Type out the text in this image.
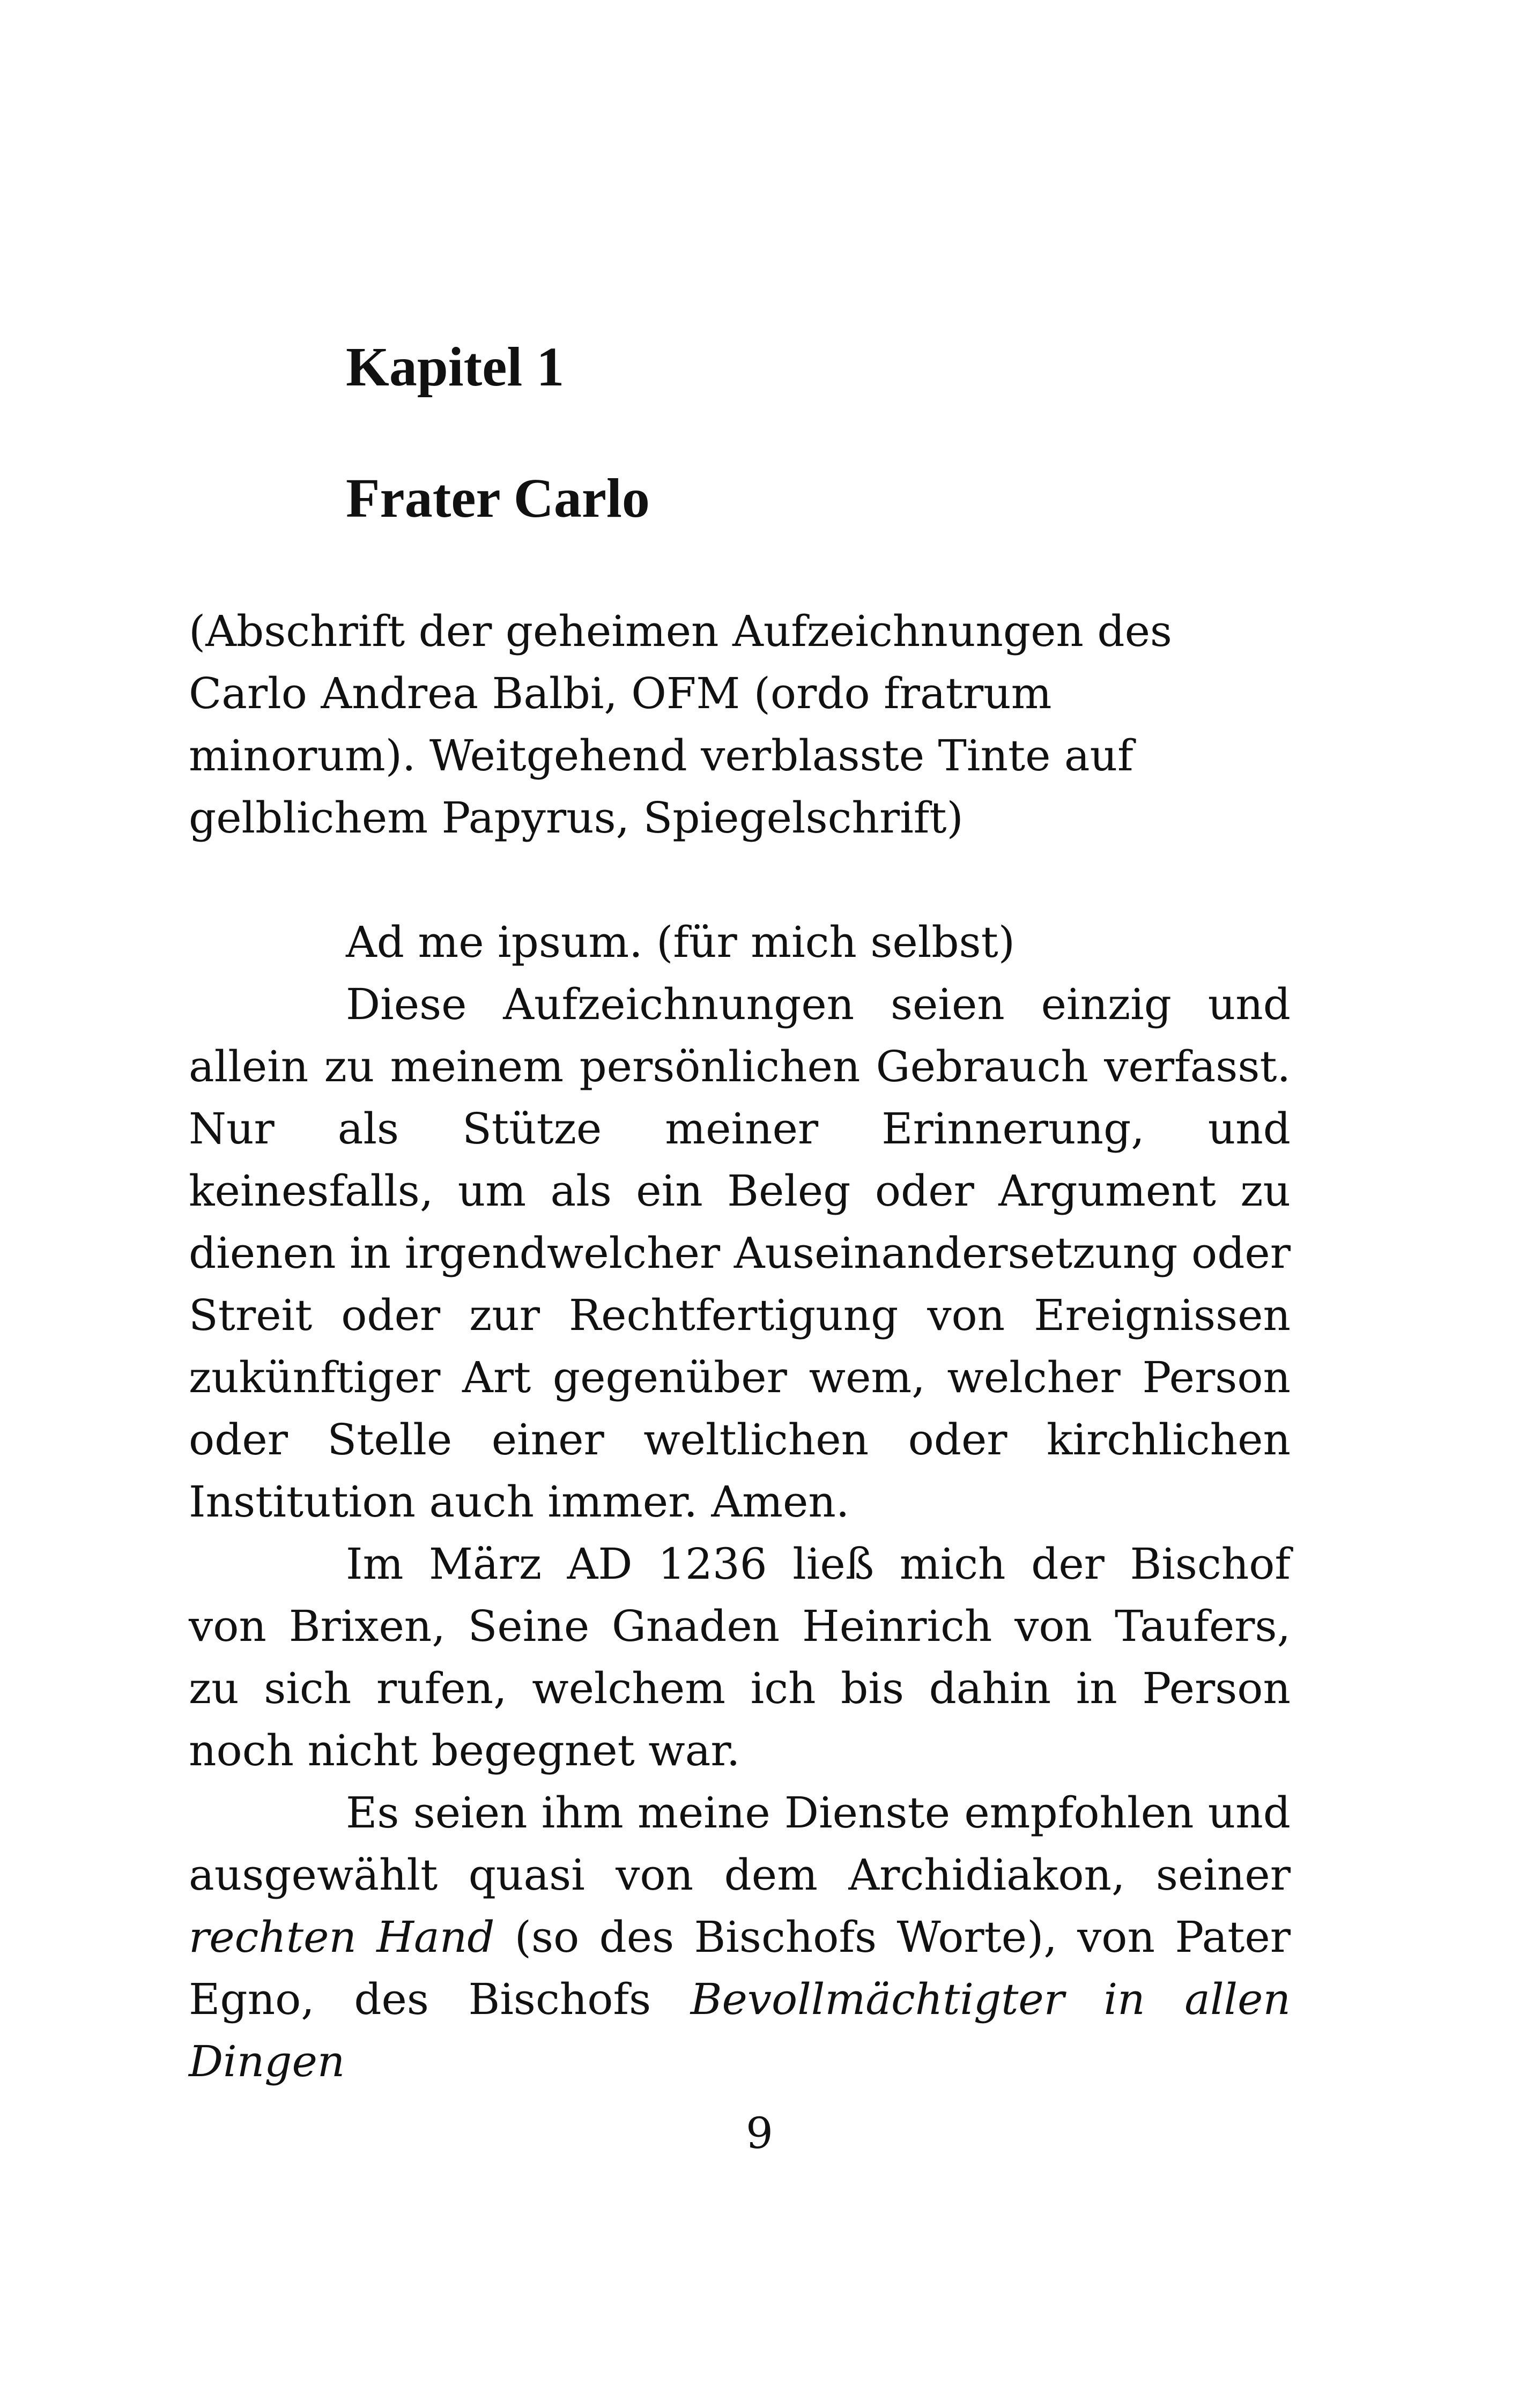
Kapitel 1
Frater Carlo

(Abschrift der geheimen Aufzeichnungen des Carlo Andrea Balbi, OFM (ordo fratrum minorum). Weitgehend verblasste Tinte auf gelblichem Papyrus, Spiegelschrift)

Ad me ipsum. (für mich selbst)

Diese Aufzeichnungen seien einzig und allein zu meinem persönlichen Gebrauch verfasst. Nur als Stütze meiner Erinnerung, und keinesfalls, um als ein Beleg oder Argument zu dienen in irgendwelcher Auseinandersetzung oder Streit oder zur Rechtfertigung von Ereignissen zukünftiger Art gegenüber wem, welcher Person oder Stelle einer weltlichen oder kirchlichen Institution auch immer. Amen.

Im März AD 1236 ließ mich der Bischof von Brixen, Seine Gnaden Heinrich von Taufers, zu sich rufen, welchem ich bis dahin in Person noch nicht begegnet war.

Es seien ihm meine Dienste empfohlen und ausgewählt quasi von dem Archidiakon, seiner rechten Hand (so des Bischofs Worte), von Pater Egno, des Bischofs Bevollmächtigter in allen Dingen

9
